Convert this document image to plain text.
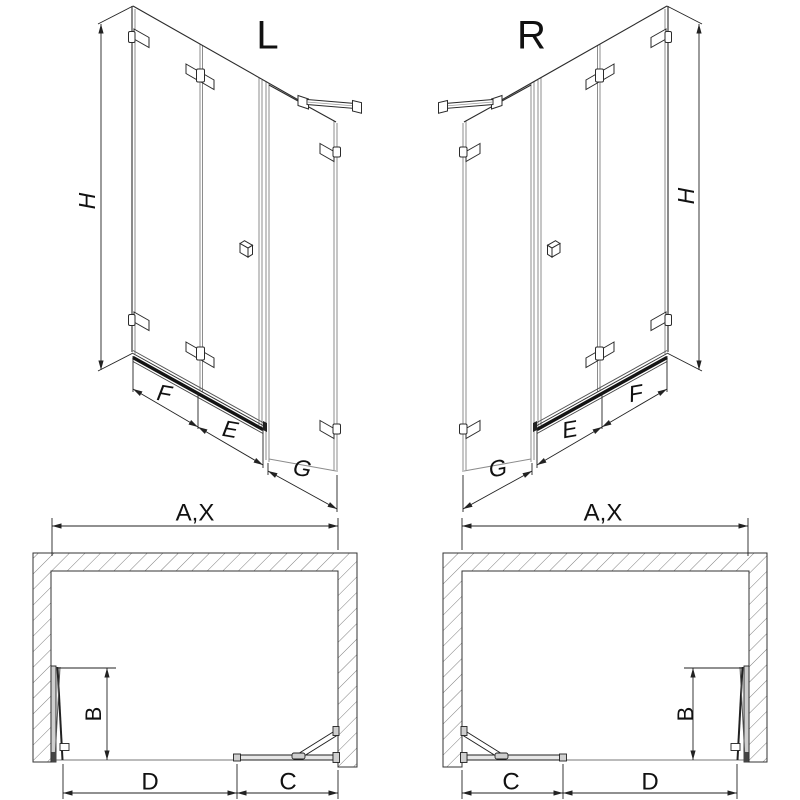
L
H
F
E
G
R
H
F
E
G
A,X
B
D	C
A,X
B
C	D
